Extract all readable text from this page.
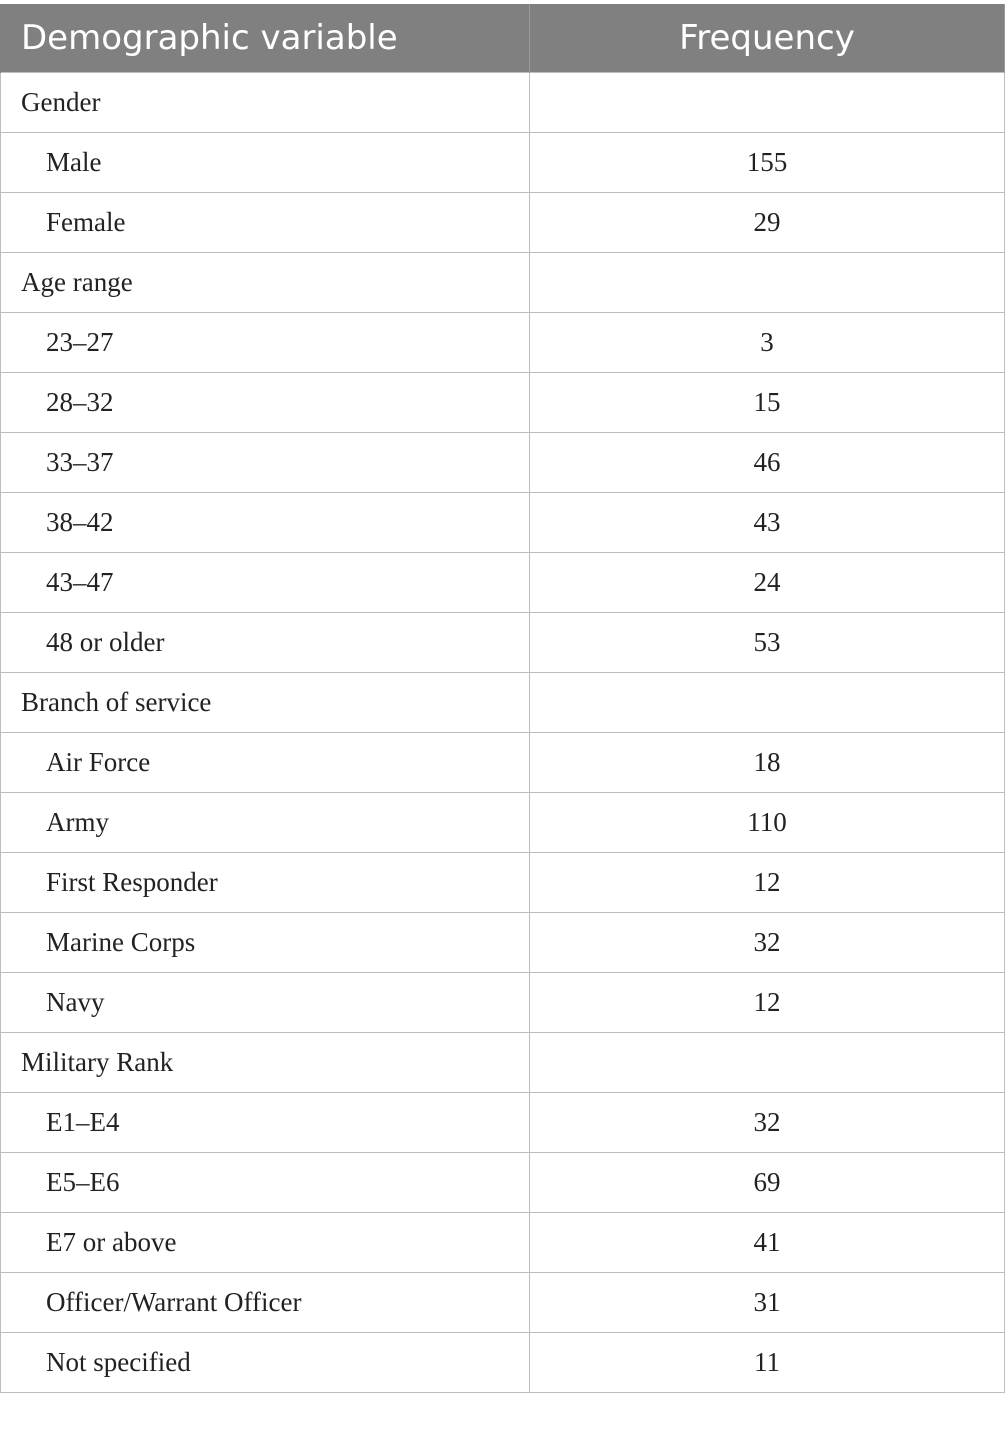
Demographic variable	Frequency
Gender	
Male	155
Female	29
Age range	
23–27	3
28–32	15
33–37	46
38–42	43
43–47	24
48 or older	53
Branch of service	
Air Force	18
Army	110
First Responder	12
Marine Corps	32
Navy	12
Military Rank	
E1–E4	32
E5–E6	69
E7 or above	41
Officer/Warrant Officer	31
Not specified	11
